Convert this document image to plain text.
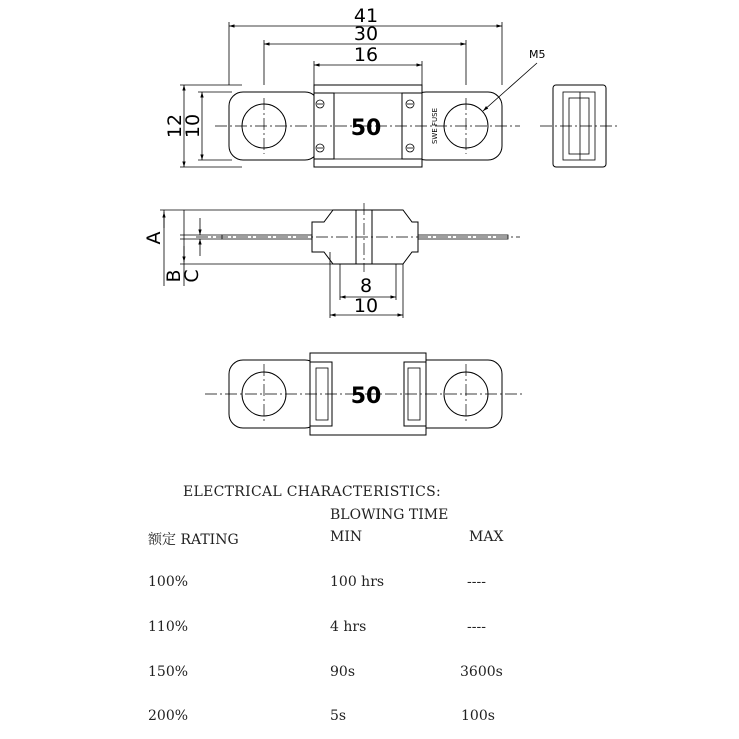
41
30
16
12
10	50	SWE FUSE
M5
A
B
C	8
10
50
ELECTRICAL CHARACTERISTICS:
BLOWING TIME
额定 RATING	MIN	MAX
100%	100 hrs	----
110%	4 hrs	----
150%	90s	3600s
200%	5s	100s
